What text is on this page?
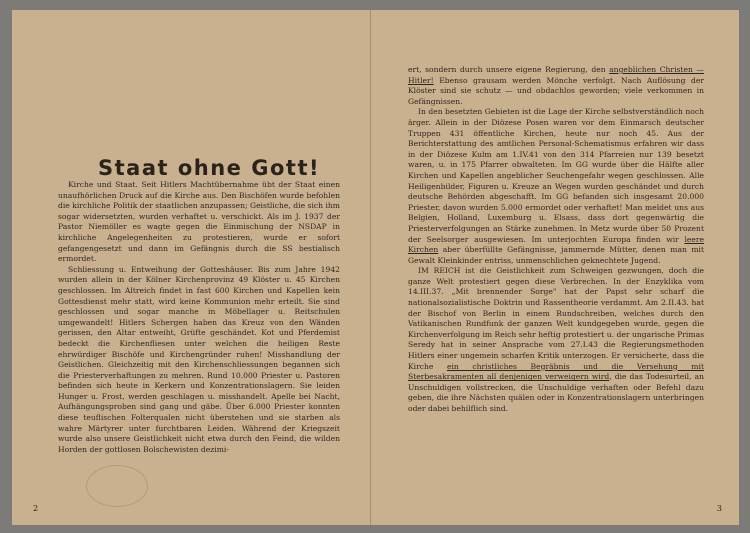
Staat ohne Gott!

Kirche und Staat. Seit Hitlers Machtübernahme übt der Staat einen unaufhörlichen Druck auf die Kirche aus. Den Bischöfen wurde befohlen die kirchliche Politik der staatlichen anzupassen; Geistliche, die sich ihm sogar widersetzten, wurden verhaftet u. verschickt. Als im J. 1937 der Pastor Niemöller es wagte gegen die Einmischung der NSDAP in kirchliche Angelegenheiten zu protestieren, wurde er sofort gefangengesetzt und dann im Gefängnis durch die SS bestialisch ermordet.

Schliessung u. Entweihung der Gotteshäuser. Bis zum Jahre 1942 wurden allein in der Kölner Kirchenprovinz 49 Klöster u. 45 Kirchen geschlossen. Im Altreich findet in fast 600 Kirchen und Kapellen kein Gottesdienst mehr statt, wird keine Kommunion mehr erteilt. Sie sind geschlossen und sogar manche in Möbellager u. Reitschulen umgewandelt! Hitlers Schergen haben das Kreuz von den Wänden gerissen, den Altar entweiht, Grüfte geschändet. Kot und Pferdemist bedeckt die Kirchenfliesen unter welchen die heiligen Reste ehrwürdiger Bischöfe und Kirchengründer ruhen! Misshandlung der Geistlichen. Gleichzeitig mit den Kirchenschliessungen begannen sich die Priesterverhaftungen zu mehren. Rund 10.000 Priester u. Pastoren befinden sich heute in Kerkern und Konzentrationslagern. Sie leiden Hunger u. Frost, werden geschlagen u. misshandelt. Apelle bei Nacht, Aufhängungsproben sind gang und gäbe. Über 6.000 Priester konnten diese teuflischen Folterqualen nicht überstehen und sie starben als wahre Märtyrer unter furchtbaren Leiden. Während der Kriegszeit wurde also unsere Geistlichkeit nicht etwa durch den Feind, die wilden Horden der gottlosen Bolschewisten dezimi-

2

ert, sondern durch unsere eigene Regierung, den angeblichen Christen — Hitler! Ebenso grausam werden Mönche verfolgt. Nach Auflösung der Klöster sind sie schutz — und obdachlos geworden; viele verkommen in Gefängnissen.

In den besetzten Gebieten ist die Lage der Kirche selbstverständlich noch ärger. Allein in der Diözese Posen waren vor dem Einmarsch deutscher Truppen 431 öffentliche Kirchen, heute nur noch 45. Aus der Berichterstattung des amtlichen Personal-Schematismus erfahren wir dass in der Diözese Kulm am 1.IV.41 von den 314 Pfarreien nur 139 besetzt waren, u. in 175 Pfarrer obwalteten. Im GG wurde über die Hälfte aller Kirchen und Kapellen angeblicher Seuchengefahr wegen geschlossen. Alle Heiligenbilder, Figuren u. Kreuze an Wegen wurden geschändet und durch deutsche Behörden abgeschafft. Im GG befanden sich insgesamt 20.000 Priester, davon wurden 5.000 ermordet oder verhaftet! Man meldet uns aus Belgien, Holland, Luxemburg u. Elsass, dass dort gegenwärtig die Priesterverfolgungen an Stärke zunehmen. In Metz wurde über 50 Prozent der Seelsorger ausgewiesen. Im unterjochten Europa finden wir leere Kirchen aber überfüllte Gefängnisse, jammernde Mütter, denen man mit Gewalt Kleinkinder entriss, unmenschlichen geknechtete Jugend.

IM REICH ist die Geistlichkeit zum Schweigen gezwungen, doch die ganze Welt protestiert gegen diese Verbrechen. In der Enzyklika vom 14.III.37. „Mit brennender Sorge" hat der Papst sehr scharf die nationalsozialistische Doktrin und Rassentheorie verdammt. Am 2.II.43. hat der Bischof von Berlin in einem Rundschreiben, welches durch den Vatikanischen Rundfunk der ganzen Welt kundgegeben wurde, gegen die Kirchenverfolgung im Reich sehr heftig protestiert u. der ungarische Primas Seredy hat in seiner Ansprache vom 27.I.43 die Regierungsmethoden Hitlers einer ungemein scharfen Kritik unterzogen. Er versicherte, dass die Kirche ein christliches Begräbnis und die Versehung mit Sterbesakramenten all denjenigen verweigern wird, die das Todesurteil, an Unschuldigen vollstrecken, die Unschuldige verhaften oder Befehl dazu geben, die ihre Nächsten quälen oder in Konzentrationslagern unterbringen oder dabei behilflich sind.

3
